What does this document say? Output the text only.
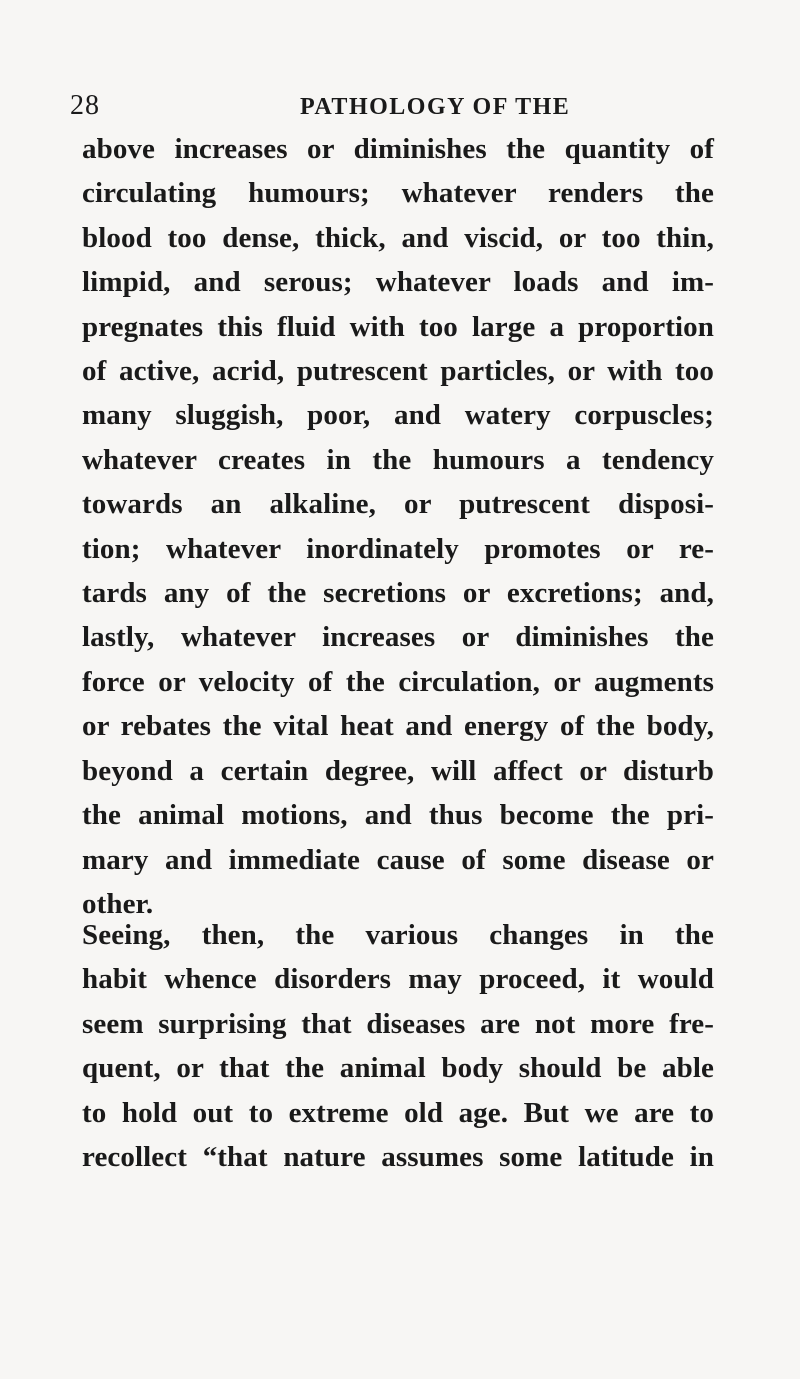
28	PATHOLOGY OF THE
above increases or diminishes the quantity of
circulating humours; whatever renders the
blood too dense, thick, and viscid, or too thin,
limpid, and serous; whatever loads and im-
pregnates this fluid with too large a proportion
of active, acrid, putrescent particles, or with too
many sluggish, poor, and watery corpuscles;
whatever creates in the humours a tendency
towards an alkaline, or putrescent disposi-
tion; whatever inordinately promotes or re-
tards any of the secretions or excretions; and,
lastly, whatever increases or diminishes the
force or velocity of the circulation, or augments
or rebates the vital heat and energy of the body,
beyond a certain degree, will affect or disturb
the animal motions, and thus become the pri-
mary and immediate cause of some disease or
other.
Seeing, then, the various changes in the
habit whence disorders may proceed, it would
seem surprising that diseases are not more fre-
quent, or that the animal body should be able
to hold out to extreme old age. But we are to
recollect “that nature assumes some latitude in
